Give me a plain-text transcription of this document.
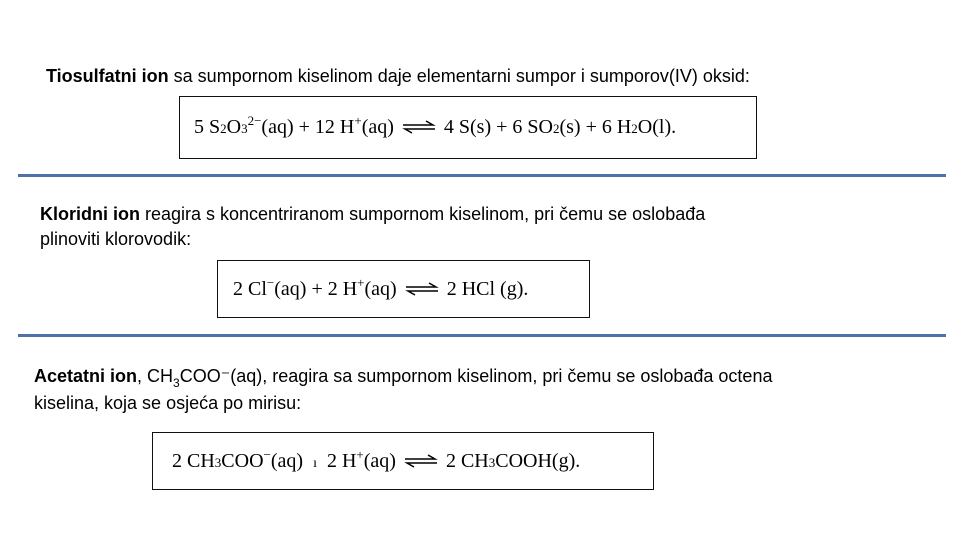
Tiosulfatni ion sa sumpornom kiselinom daje elementarni sumpor i sumporov(IV) oksid:
5 S 2 O 3
2− (aq) + 12 H + (aq) ⇌ 4 S(s) + 6 SO 2 (s) + 6 H 2 O(l).
Kloridni ion reagira s koncentriranom sumpornom kiselinom, pri čemu se oslobađa
plinoviti klorovodik:
2 Cl − (aq) + 2 H + (aq) ⇌ 2 HCl (g).
Acetatni ion, $CH_3COO^-(aq)$, reagira sa sumpornom kiselinom, pri čemu se oslobađa octena
kiselina, koja se osjeća po mirisu:
2 CH 3 COO − (aq) ı 2 H + (aq) ⇌ 2 CH 3 COOH(g).
